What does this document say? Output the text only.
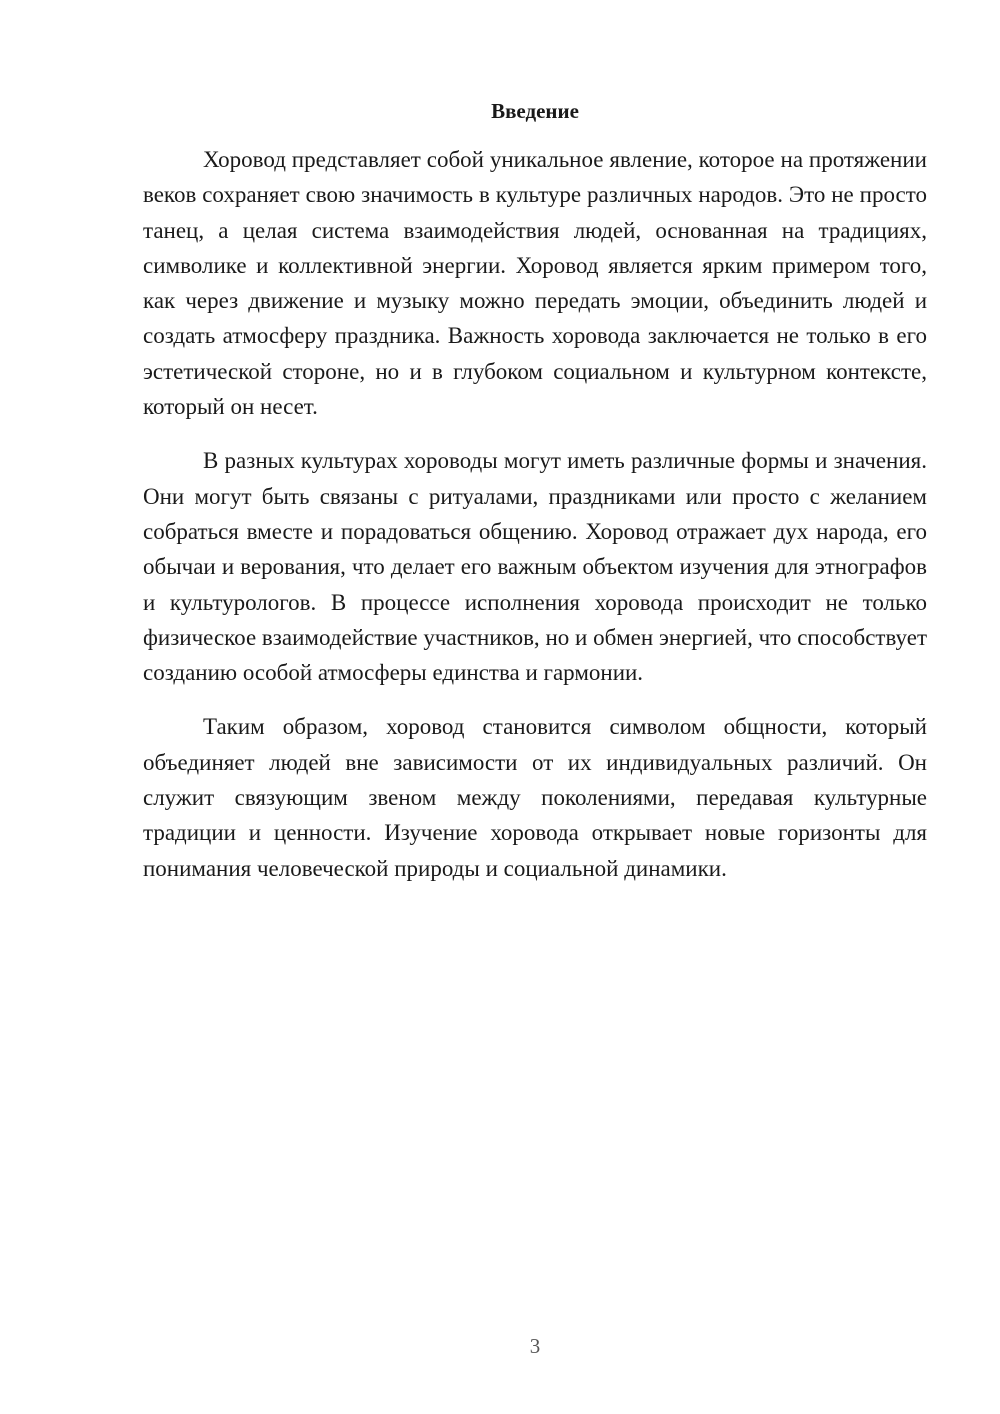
Введение

Хоровод представляет собой уникальное явление, которое на протяжении веков сохраняет свою значимость в культуре различных народов. Это не просто танец, а целая система взаимодействия людей, основанная на традициях, символике и коллективной энергии. Хоровод является ярким примером того, как через движение и музыку можно передать эмоции, объединить людей и создать атмосферу праздника. Важность хоровода заключается не только в его эстетической стороне, но и в глубоком социальном и культурном контексте, который он несет.

В разных культурах хороводы могут иметь различные формы и значения. Они могут быть связаны с ритуалами, праздниками или просто с желанием собраться вместе и порадоваться общению. Хоровод отражает дух народа, его обычаи и верования, что делает его важным объектом изучения для этнографов и культурологов. В процессе исполнения хоровода происходит не только физическое взаимодействие участников, но и обмен энергией, что способствует созданию особой атмосферы единства и гармонии.

Таким образом, хоровод становится символом общности, который объединяет людей вне зависимости от их индивидуальных различий. Он служит связующим звеном между поколениями, передавая культурные традиции и ценности. Изучение хоровода открывает новые горизонты для понимания человеческой природы и социальной динамики.

3
